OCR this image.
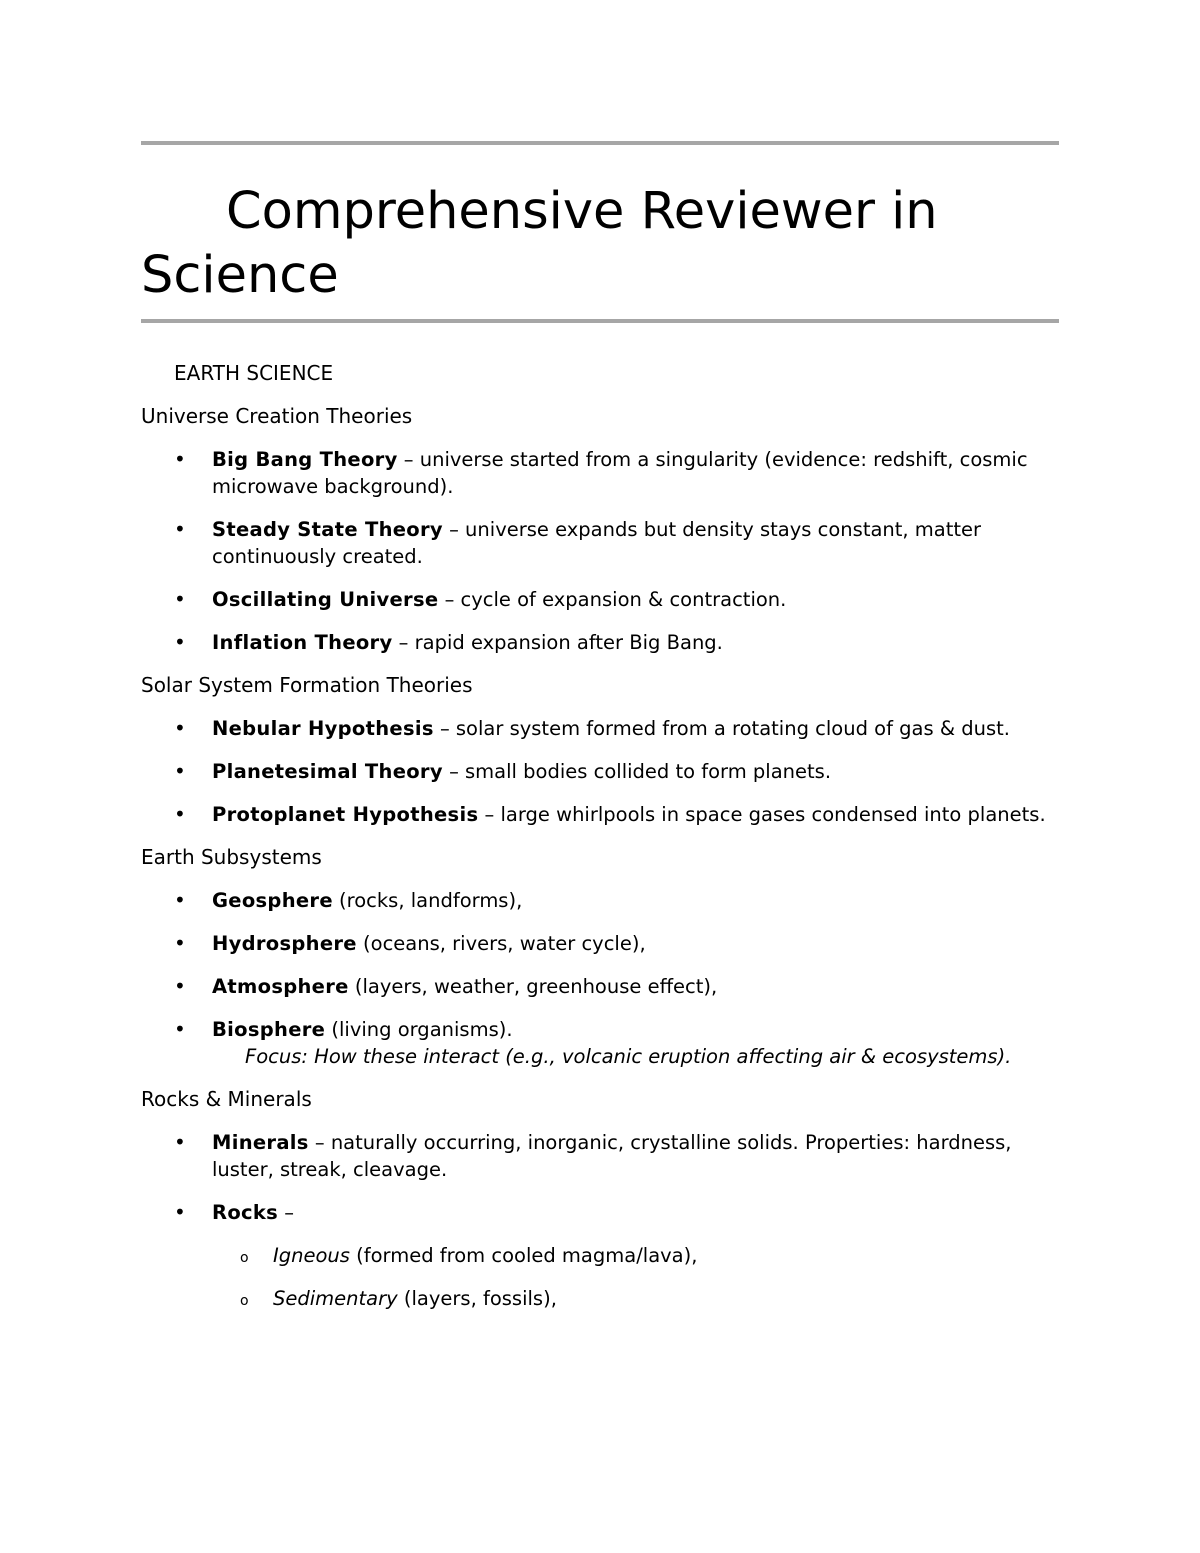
Comprehensive Reviewer in Science

EARTH SCIENCE

Universe Creation Theories
• Big Bang Theory – universe started from a singularity (evidence: redshift, cosmic microwave background).
• Steady State Theory – universe expands but density stays constant, matter continuously created.
• Oscillating Universe – cycle of expansion & contraction.
• Inflation Theory – rapid expansion after Big Bang.
Solar System Formation Theories
• Nebular Hypothesis – solar system formed from a rotating cloud of gas & dust.
• Planetesimal Theory – small bodies collided to form planets.
• Protoplanet Hypothesis – large whirlpools in space gases condensed into planets.
Earth Subsystems
• Geosphere (rocks, landforms),
• Hydrosphere (oceans, rivers, water cycle),
• Atmosphere (layers, weather, greenhouse effect),
• Biosphere (living organisms).
Focus: How these interact (e.g., volcanic eruption affecting air & ecosystems).
Rocks & Minerals
• Minerals – naturally occurring, inorganic, crystalline solids. Properties: hardness, luster, streak, cleavage.
• Rocks –
o Igneous (formed from cooled magma/lava),
o Sedimentary (layers, fossils),
